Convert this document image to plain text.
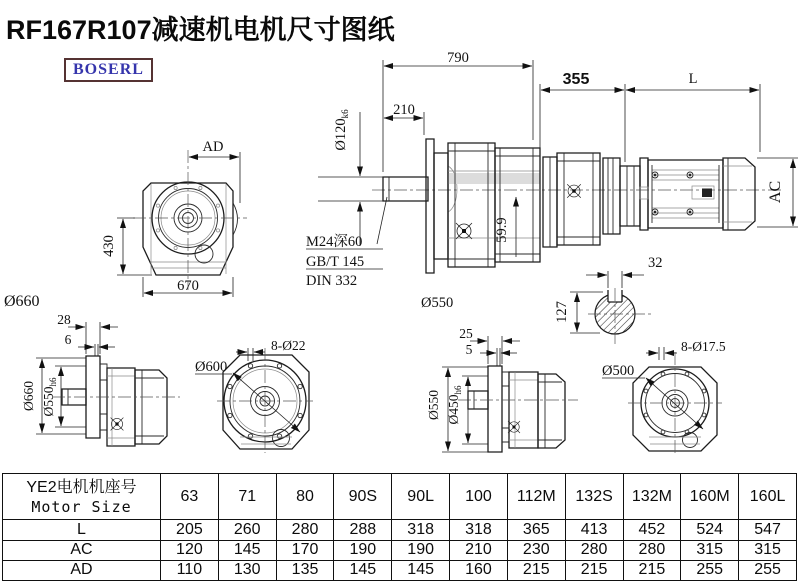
RF167R107减速机电机尺寸图纸
BOSERL
AD
430
670
Ø660
790
210
$Ø120_{k6}$
M24深60
GB/T 145
DIN 332
59.9
355	L
AC
Ø550
32
127
28
6
Ø660 $Ø550_{h6}$
Ø600
8-Ø22
25
5
Ø550 $Ø450_{h6}$
Ø500
8-Ø17.5
YE2电机机座号
Motor Size	63	71	80	90S	90L	100	112M	132S	132M	160M	160L
L	205	260	280	288	318	318	365	413	452	524	547
AC	120	145	170	190	190	210	230	280	280	315	315
AD	110	130	135	145	145	160	215	215	215	255	255
